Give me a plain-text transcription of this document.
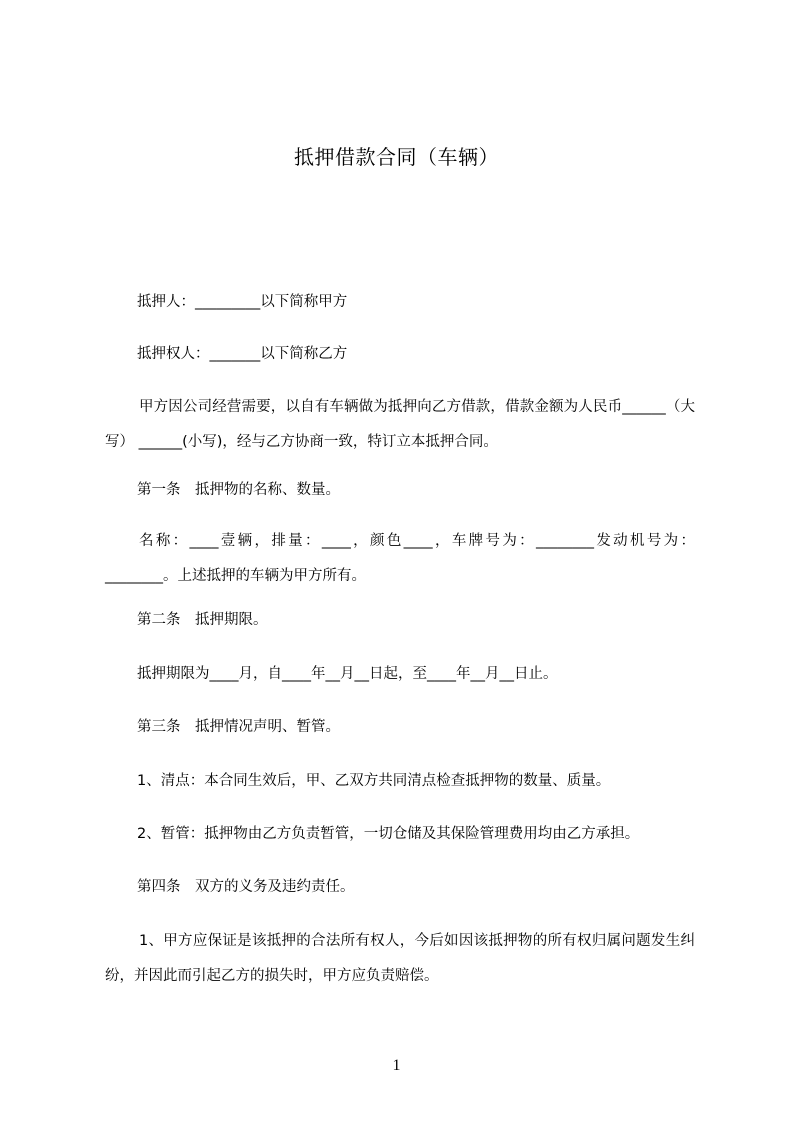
抵押借款合同（车辆）
抵押人：_________以下简称甲方
抵押权人：_______以下简称乙方
甲方因公司经营需要，以自有车辆做为抵押向乙方借款，借款金额为人民币______（大写） ______(小写)，经与乙方协商一致，特订立本抵押合同。
第一条　抵押物的名称、数量。
名称：____壹辆，排量：____，颜色____，车牌号为：________发动机号为：________。上述抵押的车辆为甲方所有。
第二条　抵押期限。
抵押期限为____月，自____年__月__日起，至____年__月__日止。
第三条　抵押情况声明、暂管。
1、清点：本合同生效后，甲、乙双方共同清点检查抵押物的数量、质量。
2、暂管：抵押物由乙方负责暂管，一切仓储及其保险管理费用均由乙方承担。
第四条　双方的义务及违约责任。
1、甲方应保证是该抵押的合法所有权人，今后如因该抵押物的所有权归属问题发生纠纷，并因此而引起乙方的损失时，甲方应负责赔偿。
1
